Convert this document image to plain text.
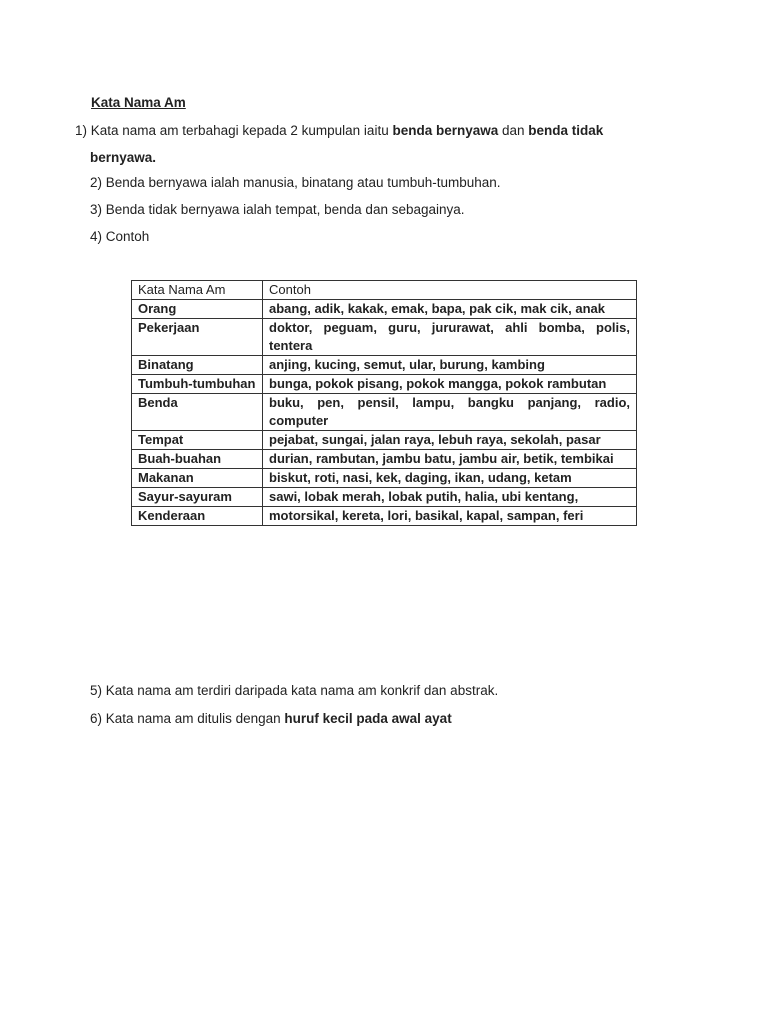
Kata Nama Am
1) Kata nama am terbahagi kepada 2 kumpulan iaitu benda bernyawa dan benda tidak
bernyawa.
2) Benda bernyawa ialah manusia, binatang atau tumbuh-tumbuhan.
3) Benda tidak bernyawa ialah tempat, benda dan sebagainya.
4) Contoh
Kata Nama Am	Contoh
Orang	abang, adik, kakak, emak, bapa, pak cik, mak cik, anak
Pekerjaan	doktor, peguam, guru, jururawat, ahli bomba, polis, tentera
Binatang	anjing, kucing, semut, ular, burung, kambing
Tumbuh-tumbuhan	bunga, pokok pisang, pokok mangga, pokok rambutan
Benda	buku, pen, pensil, lampu, bangku panjang, radio, computer
Tempat	pejabat, sungai, jalan raya, lebuh raya, sekolah, pasar
Buah-buahan	durian, rambutan, jambu batu, jambu air, betik, tembikai
Makanan	biskut, roti, nasi, kek, daging, ikan, udang, ketam
Sayur-sayuram	sawi, lobak merah, lobak putih, halia, ubi kentang,
Kenderaan	motorsikal, kereta, lori, basikal, kapal, sampan, feri
5) Kata nama am terdiri daripada kata nama am konkrif dan abstrak.
6) Kata nama am ditulis dengan huruf kecil pada awal ayat
